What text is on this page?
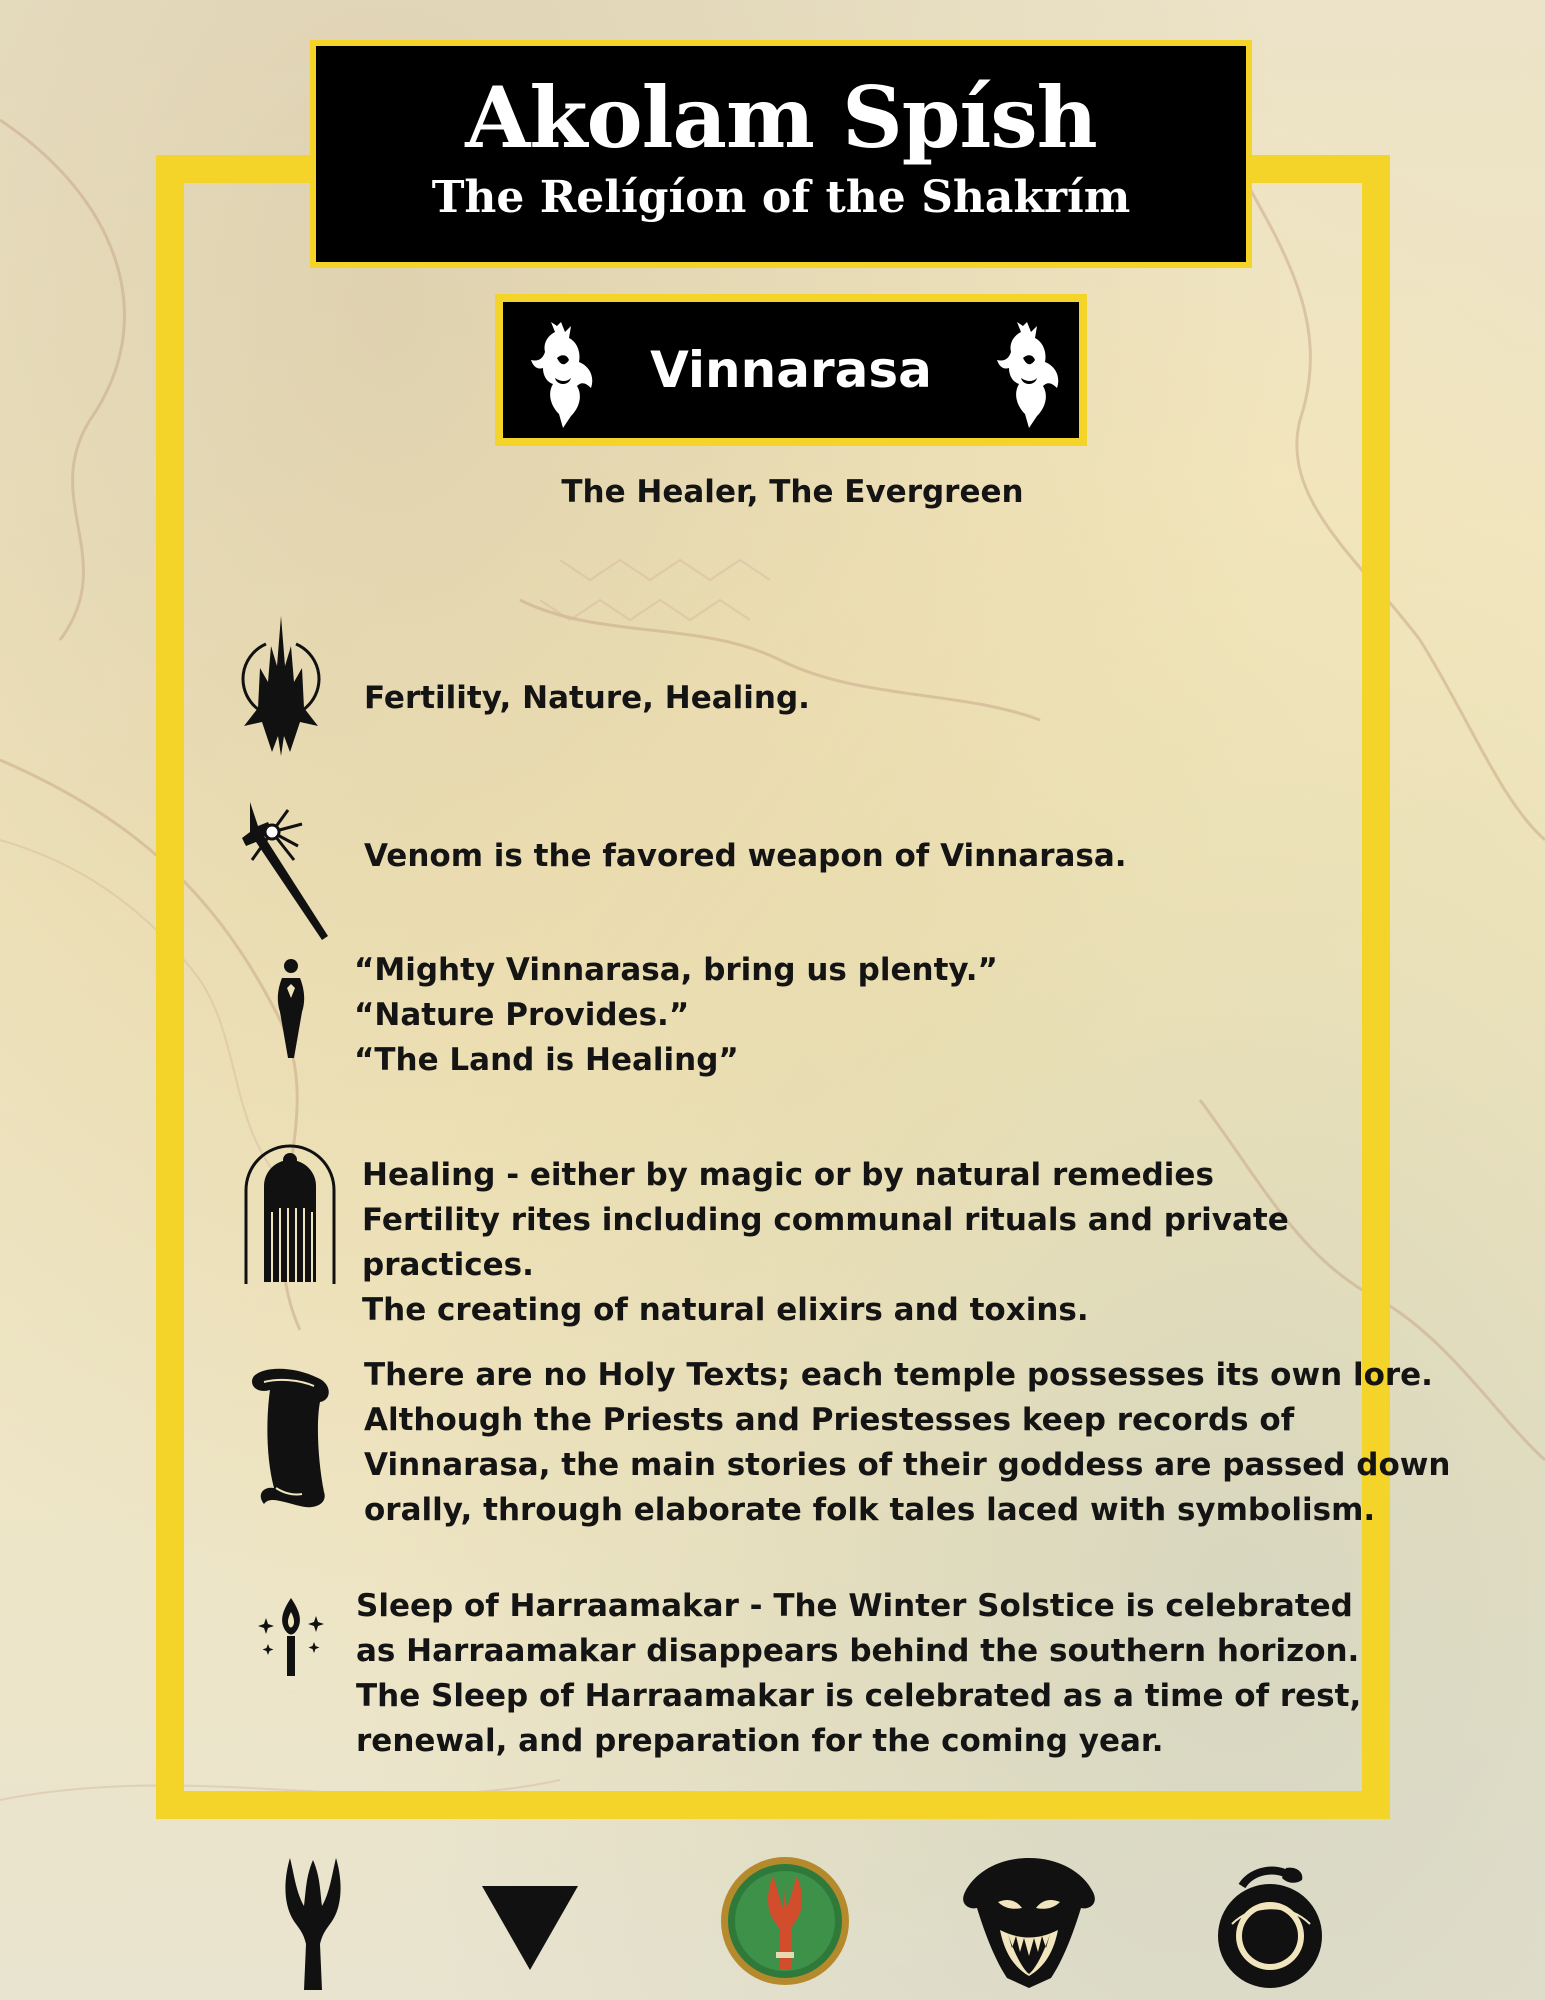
Akolam Spísh
The Relígíon of the Shakrím
Vinnarasa
The Healer, The Evergreen
Fertility, Nature, Healing.
Venom is the favored weapon of Vinnarasa.
“Mighty Vinnarasa, bring us plenty.”
“Nature Provides.”
“The Land is Healing”
Healing - either by magic or by natural remedies
Fertility rites including communal rituals and private
practices.
The creating of natural elixirs and toxins.
There are no Holy Texts; each temple possesses its own lore.
Although the Priests and Priestesses keep records of
Vinnarasa, the main stories of their goddess are passed down
orally, through elaborate folk tales laced with symbolism.
Sleep of Harraamakar - The Winter Solstice is celebrated
as Harraamakar disappears behind the southern horizon.
The Sleep of Harraamakar is celebrated as a time of rest,
renewal, and preparation for the coming year.
